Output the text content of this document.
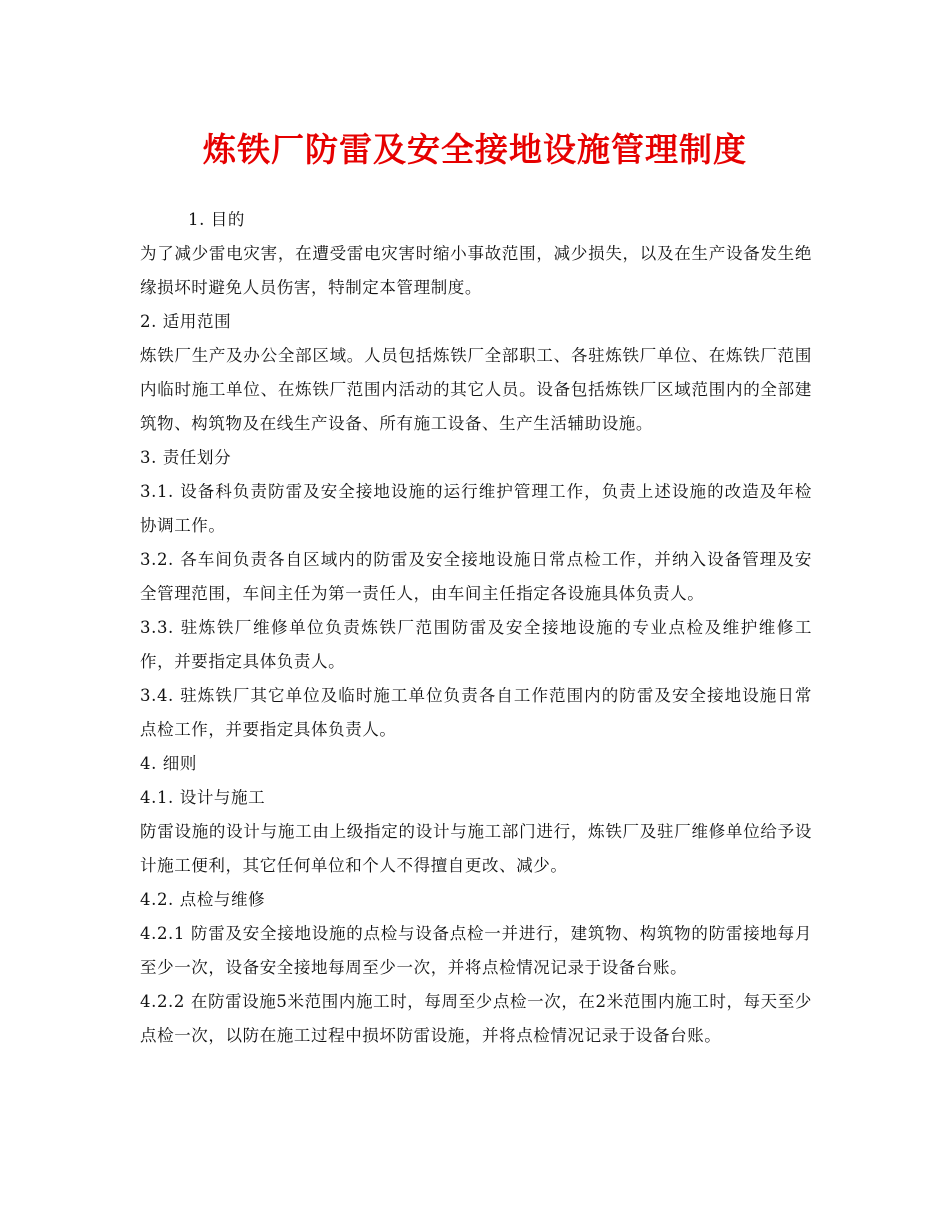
炼铁厂防雷及安全接地设施管理制度

1. 目的

为了减少雷电灾害，在遭受雷电灾害时缩小事故范围，减少损失，以及在生产设备发生绝缘损坏时避免人员伤害，特制定本管理制度。

2. 适用范围

炼铁厂生产及办公全部区域。人员包括炼铁厂全部职工、各驻炼铁厂单位、在炼铁厂范围内临时施工单位、在炼铁厂范围内活动的其它人员。设备包括炼铁厂区域范围内的全部建筑物、构筑物及在线生产设备、所有施工设备、生产生活辅助设施。

3. 责任划分

3.1. 设备科负责防雷及安全接地设施的运行维护管理工作，负责上述设施的改造及年检协调工作。

3.2. 各车间负责各自区域内的防雷及安全接地设施日常点检工作，并纳入设备管理及安全管理范围，车间主任为第一责任人，由车间主任指定各设施具体负责人。

3.3. 驻炼铁厂维修单位负责炼铁厂范围防雷及安全接地设施的专业点检及维护维修工作，并要指定具体负责人。

3.4. 驻炼铁厂其它单位及临时施工单位负责各自工作范围内的防雷及安全接地设施日常点检工作，并要指定具体负责人。

4. 细则

4.1. 设计与施工

防雷设施的设计与施工由上级指定的设计与施工部门进行，炼铁厂及驻厂维修单位给予设计施工便利，其它任何单位和个人不得擅自更改、减少。

4.2. 点检与维修

4.2.1 防雷及安全接地设施的点检与设备点检一并进行，建筑物、构筑物的防雷接地每月至少一次，设备安全接地每周至少一次，并将点检情况记录于设备台账。

4.2.2 在防雷设施5米范围内施工时，每周至少点检一次，在2米范围内施工时，每天至少点检一次，以防在施工过程中损坏防雷设施，并将点检情况记录于设备台账。
